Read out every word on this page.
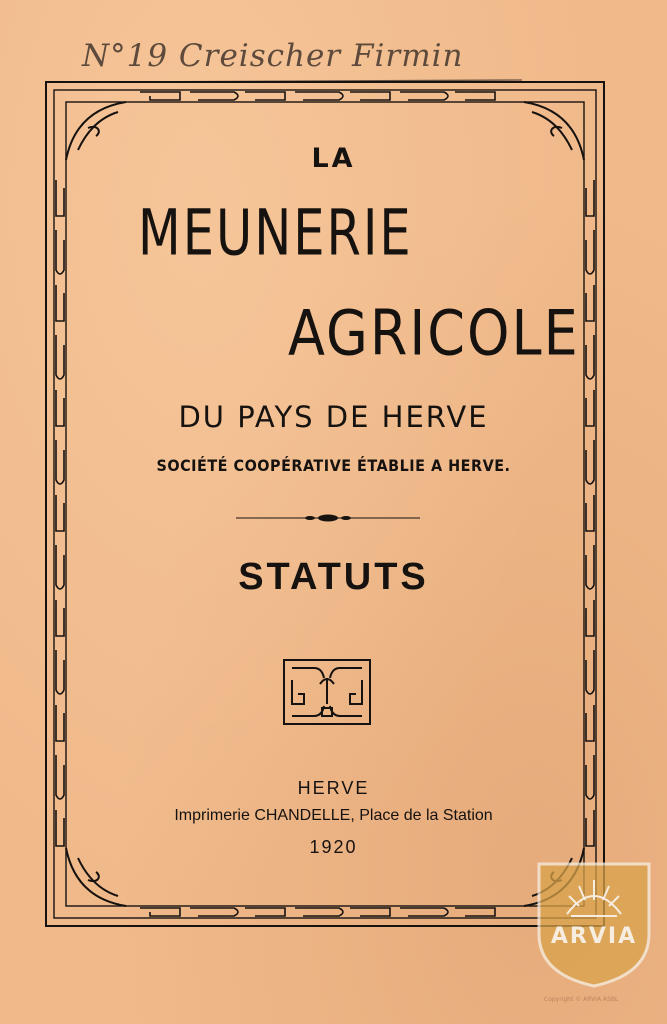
N°19 Creischer Firmin
LA
MEUNERIE
AGRICOLE
DU PAYS DE HERVE
SOCIÉTÉ COOPÉRATIVE ÉTABLIE A HERVE.
STATUTS
HERVE
Imprimerie CHANDELLE, Place de la Station
1920
ARVIA
Copyright © ARVIA ASBL
